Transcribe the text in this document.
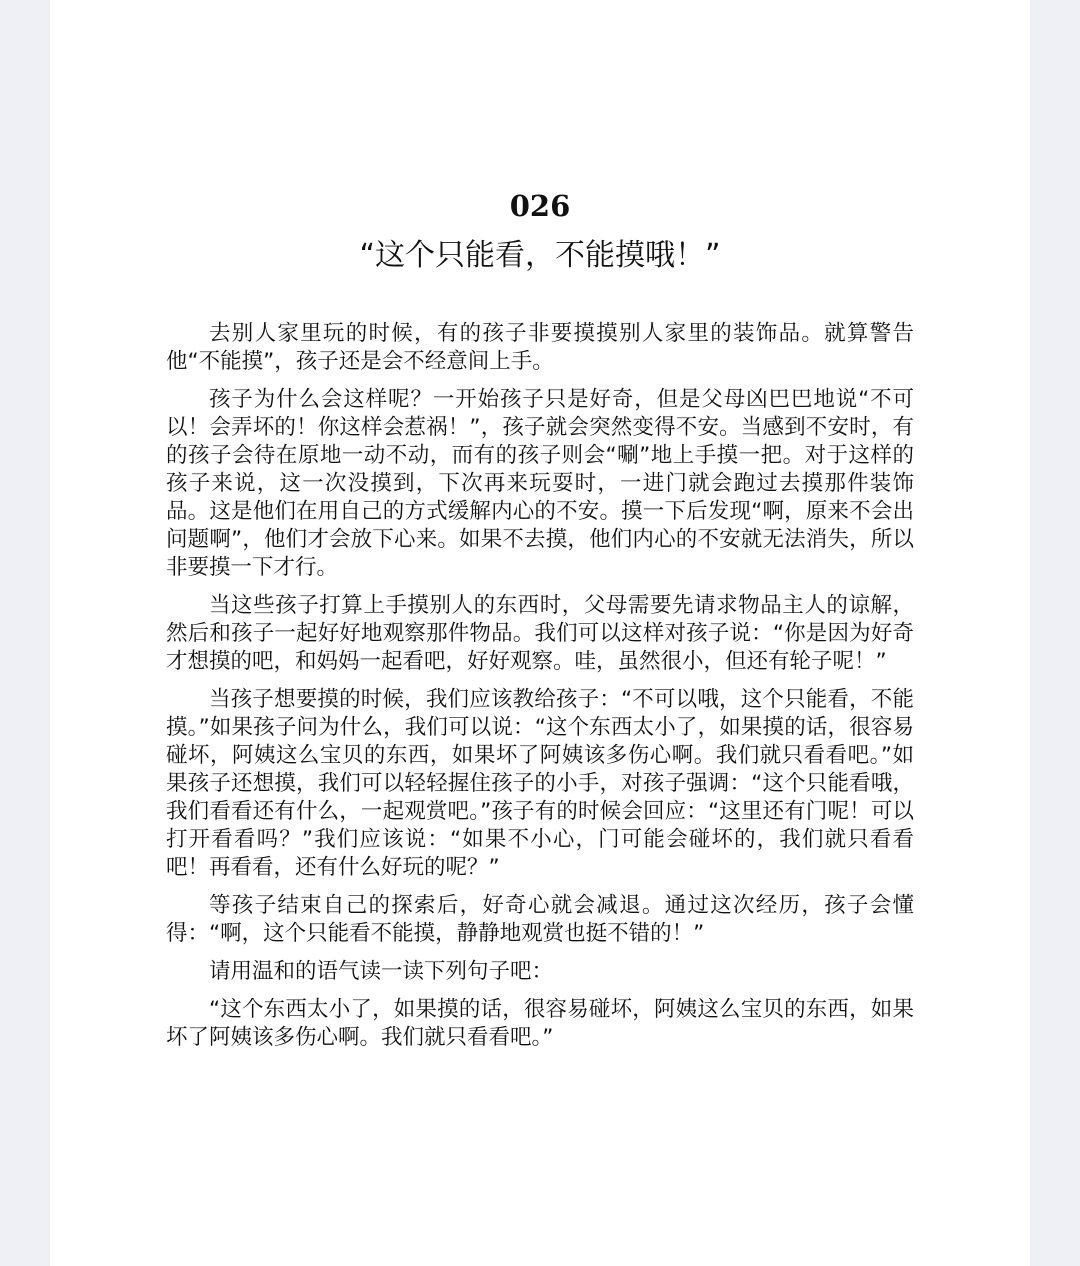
026
“这个只能看，不能摸哦！”

去别人家里玩的时候，有的孩子非要摸摸别人家里的装饰品。就算警告他“不能摸”，孩子还是会不经意间上手。

孩子为什么会这样呢？一开始孩子只是好奇，但是父母凶巴巴地说“不可以！会弄坏的！你这样会惹祸！”，孩子就会突然变得不安。当感到不安时，有的孩子会待在原地一动不动，而有的孩子则会“唰”地上手摸一把。对于这样的孩子来说，这一次没摸到，下次再来玩耍时，一进门就会跑过去摸那件装饰品。这是他们在用自己的方式缓解内心的不安。摸一下后发现“啊，原来不会出问题啊”，他们才会放下心来。如果不去摸，他们内心的不安就无法消失，所以非要摸一下才行。

当这些孩子打算上手摸别人的东西时，父母需要先请求物品主人的谅解，然后和孩子一起好好地观察那件物品。我们可以这样对孩子说：“你是因为好奇才想摸的吧，和妈妈一起看吧，好好观察。哇，虽然很小，但还有轮子呢！”

当孩子想要摸的时候，我们应该教给孩子：“不可以哦，这个只能看，不能摸。”如果孩子问为什么，我们可以说：“这个东西太小了，如果摸的话，很容易碰坏，阿姨这么宝贝的东西，如果坏了阿姨该多伤心啊。我们就只看看吧。”如果孩子还想摸，我们可以轻轻握住孩子的小手，对孩子强调：“这个只能看哦，我们看看还有什么，一起观赏吧。”孩子有的时候会回应：“这里还有门呢！可以打开看看吗？”我们应该说：“如果不小心，门可能会碰坏的，我们就只看看吧！再看看，还有什么好玩的呢？”

等孩子结束自己的探索后，好奇心就会减退。通过这次经历，孩子会懂得：“啊，这个只能看不能摸，静静地观赏也挺不错的！”

请用温和的语气读一读下列句子吧：

“这个东西太小了，如果摸的话，很容易碰坏，阿姨这么宝贝的东西，如果坏了阿姨该多伤心啊。我们就只看看吧。”
